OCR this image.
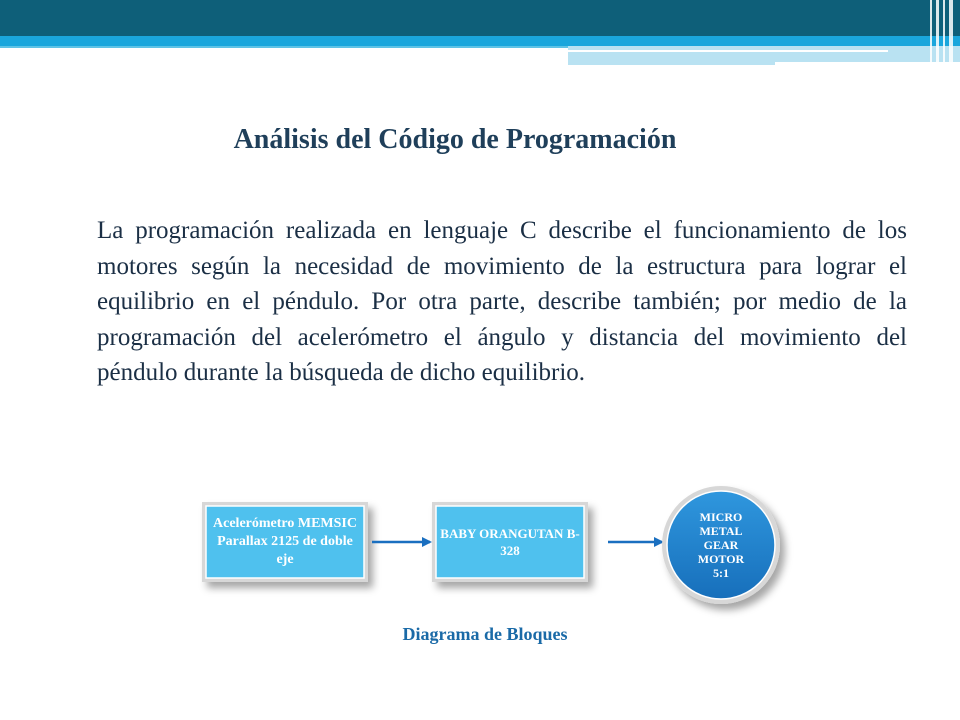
Análisis del Código de Programación

La programación realizada en lenguaje C describe el funcionamiento de los motores según la necesidad de movimiento de la estructura para lograr el equilibrio en el péndulo. Por otra parte, describe también; por medio de la programación del acelerómetro el ángulo y distancia del movimiento del péndulo durante la búsqueda de dicho equilibrio.

Acelerómetro MEMSIC Parallax 2125 de doble eje
BABY ORANGUTAN B-328
MICRO METAL GEAR MOTOR 5:1
Diagrama de Bloques
